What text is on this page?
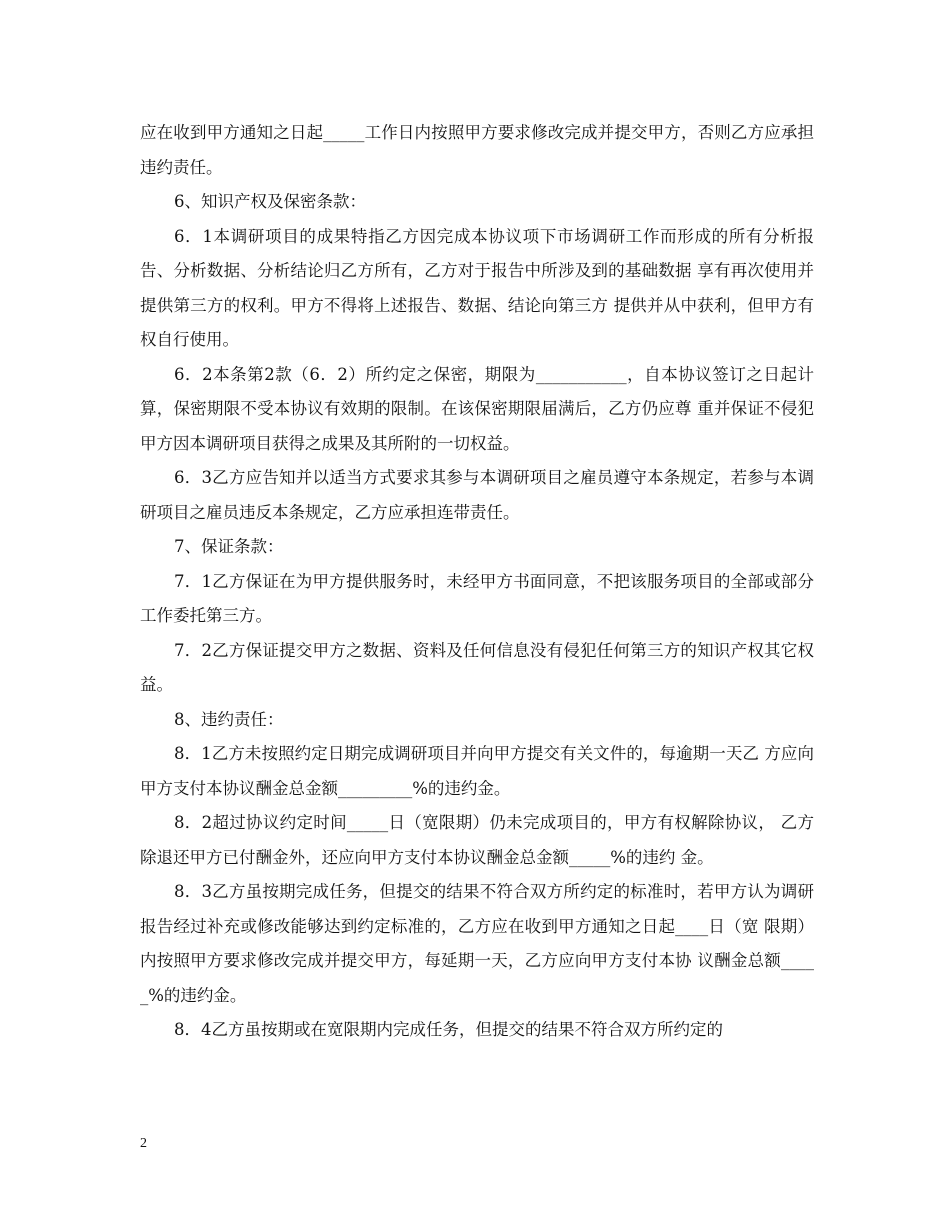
应在收到甲方通知之日起_____工作日内按照甲方要求修改完成并提交甲方，否则乙方应承担违约责任。

6、知识产权及保密条款：

6．1本调研项目的成果特指乙方因完成本协议项下市场调研工作而形成的所有分析报告、分析数据、分析结论归乙方所有，乙方对于报告中所涉及到的基础数据 享有再次使用并提供第三方的权利。甲方不得将上述报告、数据、结论向第三方 提供并从中获利，但甲方有权自行使用。

6．2本条第2款（6．2）所约定之保密，期限为___________，自本协议签订之日起计算，保密期限不受本协议有效期的限制。在该保密期限届满后，乙方仍应尊 重并保证不侵犯甲方因本调研项目获得之成果及其所附的一切权益。

6．3乙方应告知并以适当方式要求其参与本调研项目之雇员遵守本条规定，若参与本调研项目之雇员违反本条规定，乙方应承担连带责任。

7、保证条款：

7．1乙方保证在为甲方提供服务时，未经甲方书面同意，不把该服务项目的全部或部分工作委托第三方。

7．2乙方保证提交甲方之数据、资料及任何信息没有侵犯任何第三方的知识产权其它权益。

8、违约责任：

8．1乙方未按照约定日期完成调研项目并向甲方提交有关文件的，每逾期一天乙 方应向甲方支付本协议酬金总金额_________%的违约金。

8．2超过协议约定时间_____日（宽限期）仍未完成项目的，甲方有权解除协议， 乙方除退还甲方已付酬金外，还应向甲方支付本协议酬金总金额_____%的违约 金。

8．3乙方虽按期完成任务，但提交的结果不符合双方所约定的标准时，若甲方认为调研 报告经过补充或修改能够达到约定标准的，乙方应在收到甲方通知之日起____日（宽 限期）内按照甲方要求修改完成并提交甲方，每延期一天，乙方应向甲方支付本协 议酬金总额_____%的违约金。

8．4乙方虽按期或在宽限期内完成任务，但提交的结果不符合双方所约定的

2
